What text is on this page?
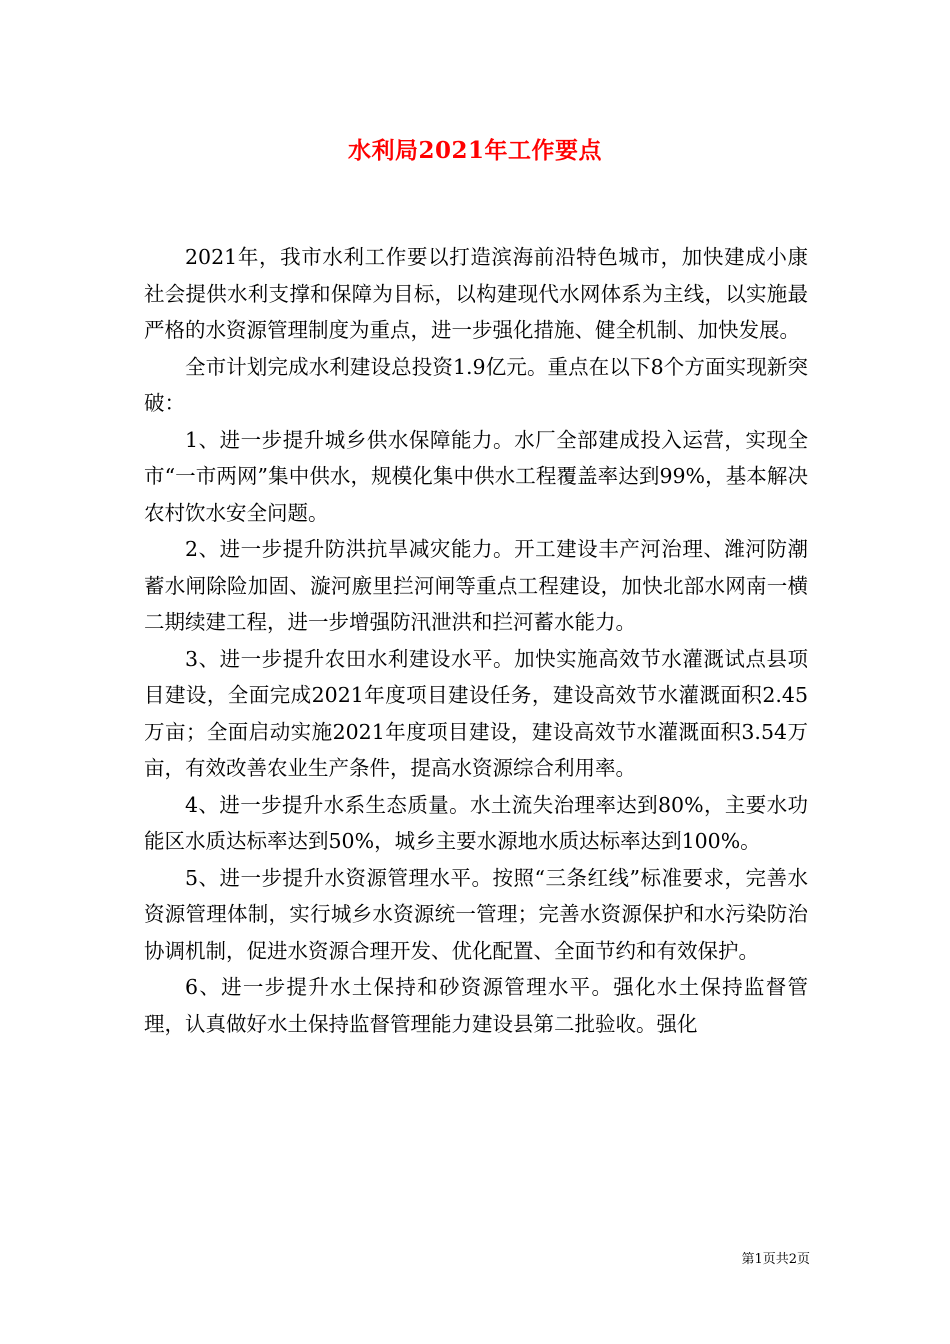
水利局2021年工作要点

2021年，我市水利工作要以打造滨海前沿特色城市，加快建成小康社会提供水利支撑和保障为目标，以构建现代水网体系为主线，以实施最严格的水资源管理制度为重点，进一步强化措施、健全机制、加快发展。

全市计划完成水利建设总投资1.9亿元。重点在以下8个方面实现新突破：

1、进一步提升城乡供水保障能力。水厂全部建成投入运营，实现全市“一市两网”集中供水，规模化集中供水工程覆盖率达到99%，基本解决农村饮水安全问题。

2、进一步提升防洪抗旱减灾能力。开工建设丰产河治理、潍河防潮蓄水闸除险加固、漩河廒里拦河闸等重点工程建设，加快北部水网南一横二期续建工程，进一步增强防汛泄洪和拦河蓄水能力。

3、进一步提升农田水利建设水平。加快实施高效节水灌溉试点县项目建设，全面完成2021年度项目建设任务，建设高效节水灌溉面积2.45万亩；全面启动实施2021年度项目建设，建设高效节水灌溉面积3.54万亩，有效改善农业生产条件，提高水资源综合利用率。

4、进一步提升水系生态质量。水土流失治理率达到80%，主要水功能区水质达标率达到50%，城乡主要水源地水质达标率达到100%。

5、进一步提升水资源管理水平。按照“三条红线”标准要求，完善水资源管理体制，实行城乡水资源统一管理；完善水资源保护和水污染防治协调机制，促进水资源合理开发、优化配置、全面节约和有效保护。

6、进一步提升水土保持和砂资源管理水平。强化水土保持监督管理，认真做好水土保持监督管理能力建设县第二批验收。强化

第1页共2页
